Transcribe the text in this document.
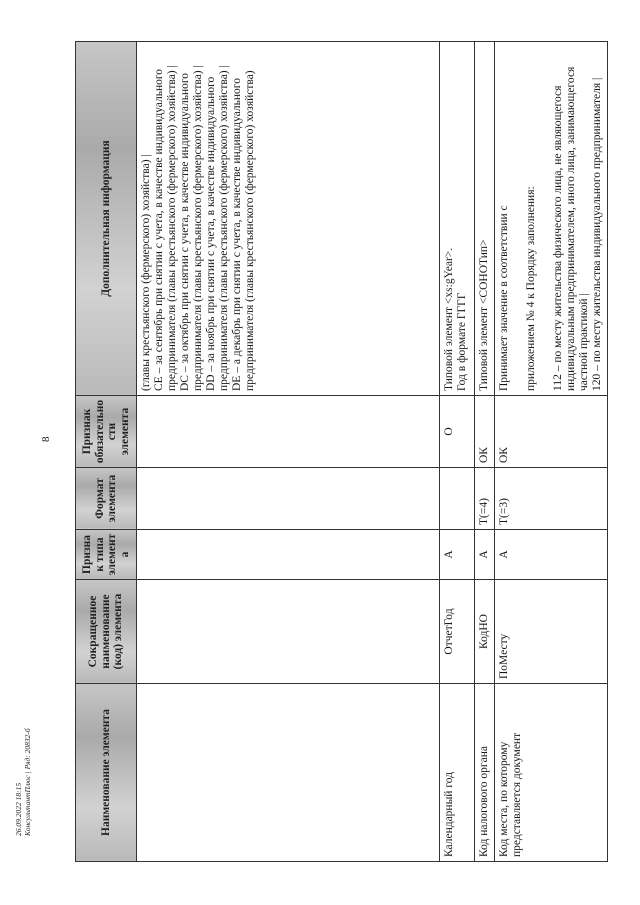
8
26.09.2022 18:15 КонсультантПлюс | Ряд: 20832-б	Наименование элемента	Сокращенное наименование (код) элемента	Признак типа элемента	Формат элемента	Признак обязательности элемента	Дополнительная информация

					(главы крестьянского (фермерского) хозяйства) | CE – за сентябрь при снятии с учета, в качестве индивидуального предпринимателя (главы крестьянского (фермерского) хозяйства) | DC – за октябрь при снятии с учета, в качестве индивидуального предпринимателя (главы крестьянского (фермерского) хозяйства) | DD – за ноябрь при снятии с учета, в качестве индивидуального предпринимателя (главы крестьянского (фермерского) хозяйства) | DE – а декабрь при снятии с учета, в качестве индивидуального предпринимателя (главы крестьянского (фермерского) хозяйства)

Календарный год	ОтчетГод	А		О	Типовой элемент <xs:gYear>. Год в формате ГГГГ

Код налогового органа	КодНО	А	T(=4)	ОК	Типовой элемент <СОНОТип>

Код места, по которому представляется документ	ПоМесту	А	T(=3)	ОК	Принимает значение в соответствии с приложением № 4 к Порядку заполнения: 112 – по месту жительства физического лица, не являющегося индивидуальным предпринимателем, иного лица, занимающегося частной практикой | 120 – по месту жительства индивидуального предпринимателя |
